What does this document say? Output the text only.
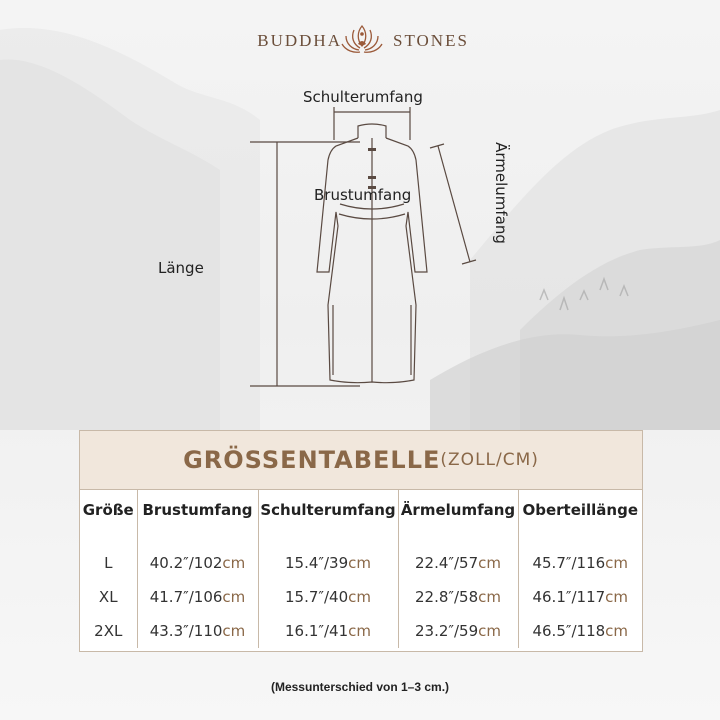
BUDDHA	STONES
Schulterumfang
Brustumfang
Länge
Ärmelumfang
GRÖSSENTABELLE (ZOLL/CM)
Größe	Brustumfang	Schulterumfang	Ärmelumfang	Oberteillänge

L	40.2″/102cm	15.4″/39cm	22.4″/57cm	45.7″/116cm
XL	41.7″/106cm	15.7″/40cm	22.8″/58cm	46.1″/117cm
2XL	43.3″/110cm	16.1″/41cm	23.2″/59cm	46.5″/118cm
(Messunterschied von 1–3 cm.)
